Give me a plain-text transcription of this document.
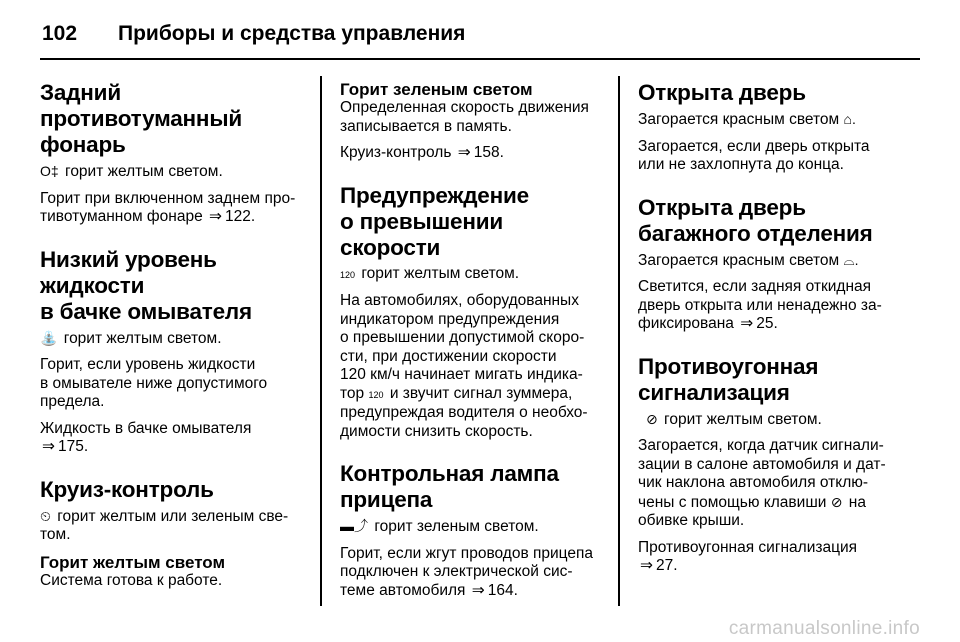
102	Приборы и средства управления
Задний
противотуманный
фонарь

O‡ горит желтым светом.

Горит при включенном заднем про-
тивотуманном фонаре ⇒ 122.

Низкий уровень жидкости
в бачке омывателя

⛲ горит желтым светом.

Горит, если уровень жидкости
в омывателе ниже допустимого
предела.

Жидкость в бачке омывателя
⇒ 175.

Круиз-контроль

⏲ горит желтым или зеленым све-
том.

Горит желтым светом

Система готова к работе.

Горит зеленым светом

Определенная скорость движения
записывается в память.

Круиз-контроль ⇒ 158.

Предупреждение
о превышении скорости

120 горит желтым светом.

На автомобилях, оборудованных
индикатором предупреждения
о превышении допустимой скоро-
сти, при достижении скорости
120 км/ч начинает мигать индика-
тор 120 и звучит сигнал зуммера,
предупреждая водителя о необхо-
димости снизить скорость.

Контрольная лампа
прицепа

▬⤴ горит зеленым светом.

Горит, если жгут проводов прицепа
подключен к электрической сис-
теме автомобиля ⇒ 164.

Открыта дверь

Загорается красным светом ⌂.

Загорается, если дверь открыта
или не захлопнута до конца.

Открыта дверь
багажного отделения

Загорается красным светом ⌓.

Светится, если задняя откидная
дверь открыта или ненадежно за-
фиксирована ⇒ 25.

Противоугонная
сигнализация

⊘ горит желтым светом.

Загорается, когда датчик сигнали-
зации в салоне автомобиля и дат-
чик наклона автомобиля отклю-
чены с помощью клавиши ⊘ на
обивке крыши.

Противоугонная сигнализация
⇒ 27.

carmanualsonline.info
